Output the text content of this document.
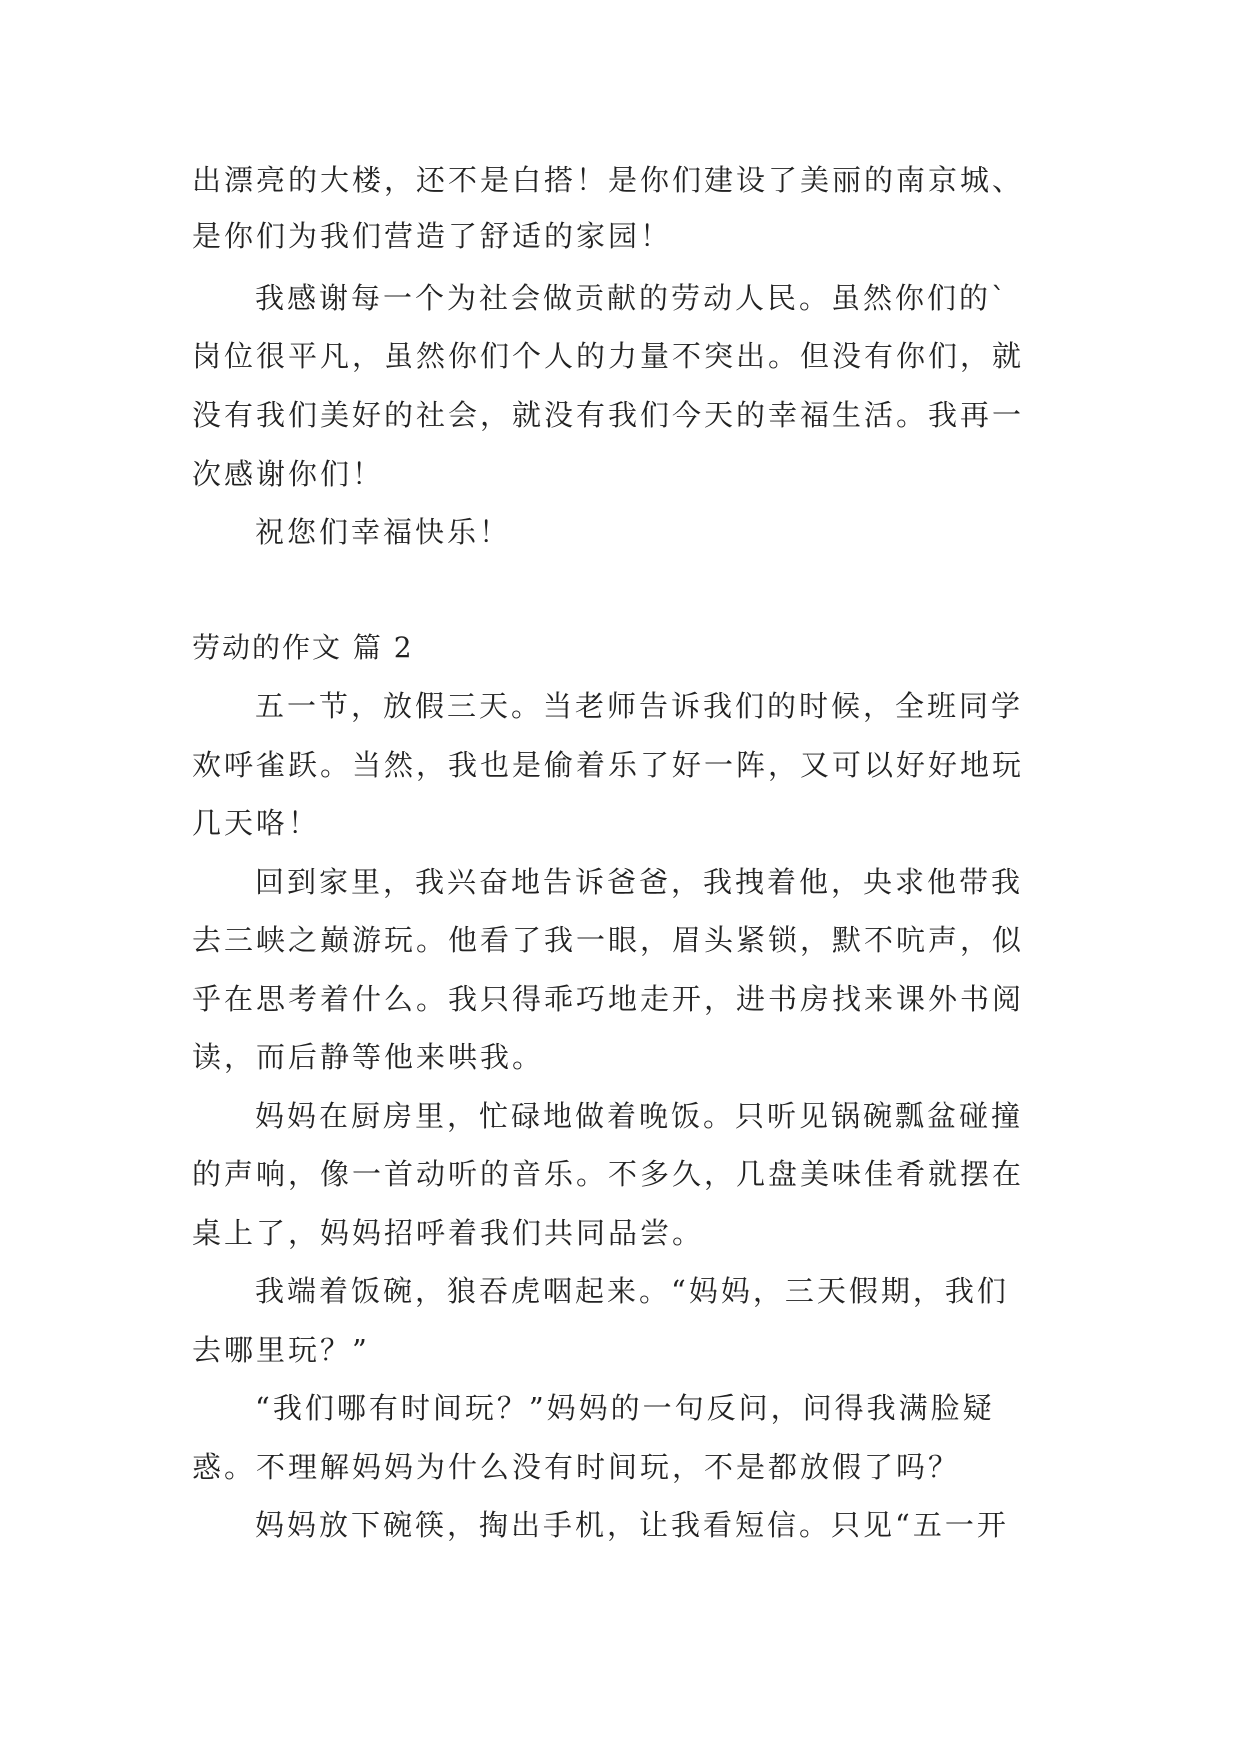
出漂亮的大楼，还不是白搭！是你们建设了美丽的南京城、

是你们为我们营造了舒适的家园！

我感谢每一个为社会做贡献的劳动人民。虽然你们的`

岗位很平凡，虽然你们个人的力量不突出。但没有你们，就

没有我们美好的社会，就没有我们今天的幸福生活。我再一

次感谢你们！

祝您们幸福快乐！

劳动的作文 篇 2

五一节，放假三天。当老师告诉我们的时候，全班同学

欢呼雀跃。当然，我也是偷着乐了好一阵，又可以好好地玩

几天咯！

回到家里，我兴奋地告诉爸爸，我拽着他，央求他带我

去三峡之巅游玩。他看了我一眼，眉头紧锁，默不吭声，似

乎在思考着什么。我只得乖巧地走开，进书房找来课外书阅

读，而后静等他来哄我。

妈妈在厨房里，忙碌地做着晚饭。只听见锅碗瓢盆碰撞

的声响，像一首动听的音乐。不多久，几盘美味佳肴就摆在

桌上了，妈妈招呼着我们共同品尝。

我端着饭碗，狼吞虎咽起来。“妈妈，三天假期，我们

去哪里玩？”

“我们哪有时间玩？”妈妈的一句反问，问得我满脸疑

惑。不理解妈妈为什么没有时间玩，不是都放假了吗？

妈妈放下碗筷，掏出手机，让我看短信。只见“五一开
